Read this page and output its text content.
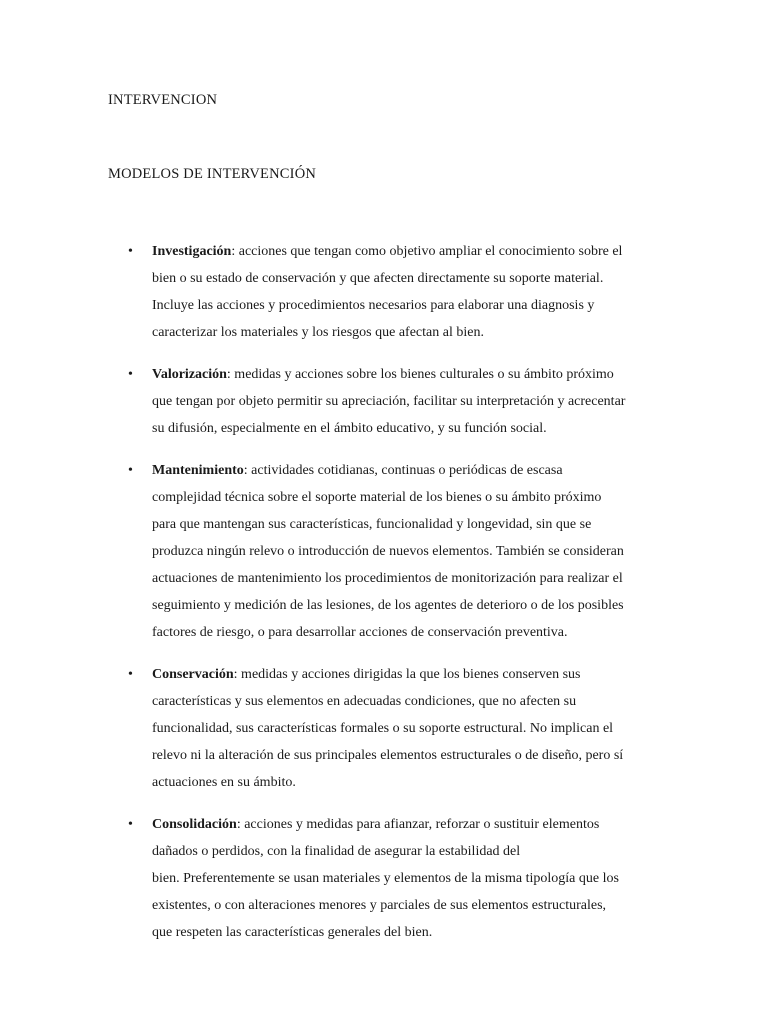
INTERVENCION
MODELOS DE INTERVENCIÓN
• Investigación: acciones que tengan como objetivo ampliar el conocimiento sobre el
bien o su estado de conservación y que afecten directamente su soporte material.
Incluye las acciones y procedimientos necesarios para elaborar una diagnosis y
caracterizar los materiales y los riesgos que afectan al bien.
• Valorización: medidas y acciones sobre los bienes culturales o su ámbito próximo
que tengan por objeto permitir su apreciación, facilitar su interpretación y acrecentar
su difusión, especialmente en el ámbito educativo, y su función social.
• Mantenimiento: actividades cotidianas, continuas o periódicas de escasa
complejidad técnica sobre el soporte material de los bienes o su ámbito próximo
para que mantengan sus características, funcionalidad y longevidad, sin que se
produzca ningún relevo o introducción de nuevos elementos. También se consideran
actuaciones de mantenimiento los procedimientos de monitorización para realizar el
seguimiento y medición de las lesiones, de los agentes de deterioro o de los posibles
factores de riesgo, o para desarrollar acciones de conservación preventiva.
• Conservación: medidas y acciones dirigidas la que los bienes conserven sus
características y sus elementos en adecuadas condiciones, que no afecten su
funcionalidad, sus características formales o su soporte estructural. No implican el
relevo ni la alteración de sus principales elementos estructurales o de diseño, pero sí
actuaciones en su ámbito.
• Consolidación: acciones y medidas para afianzar, reforzar o sustituir elementos
dañados o perdidos, con la finalidad de asegurar la estabilidad del
bien. Preferentemente se usan materiales y elementos de la misma tipología que los
existentes, o con alteraciones menores y parciales de sus elementos estructurales,
que respeten las características generales del bien.
